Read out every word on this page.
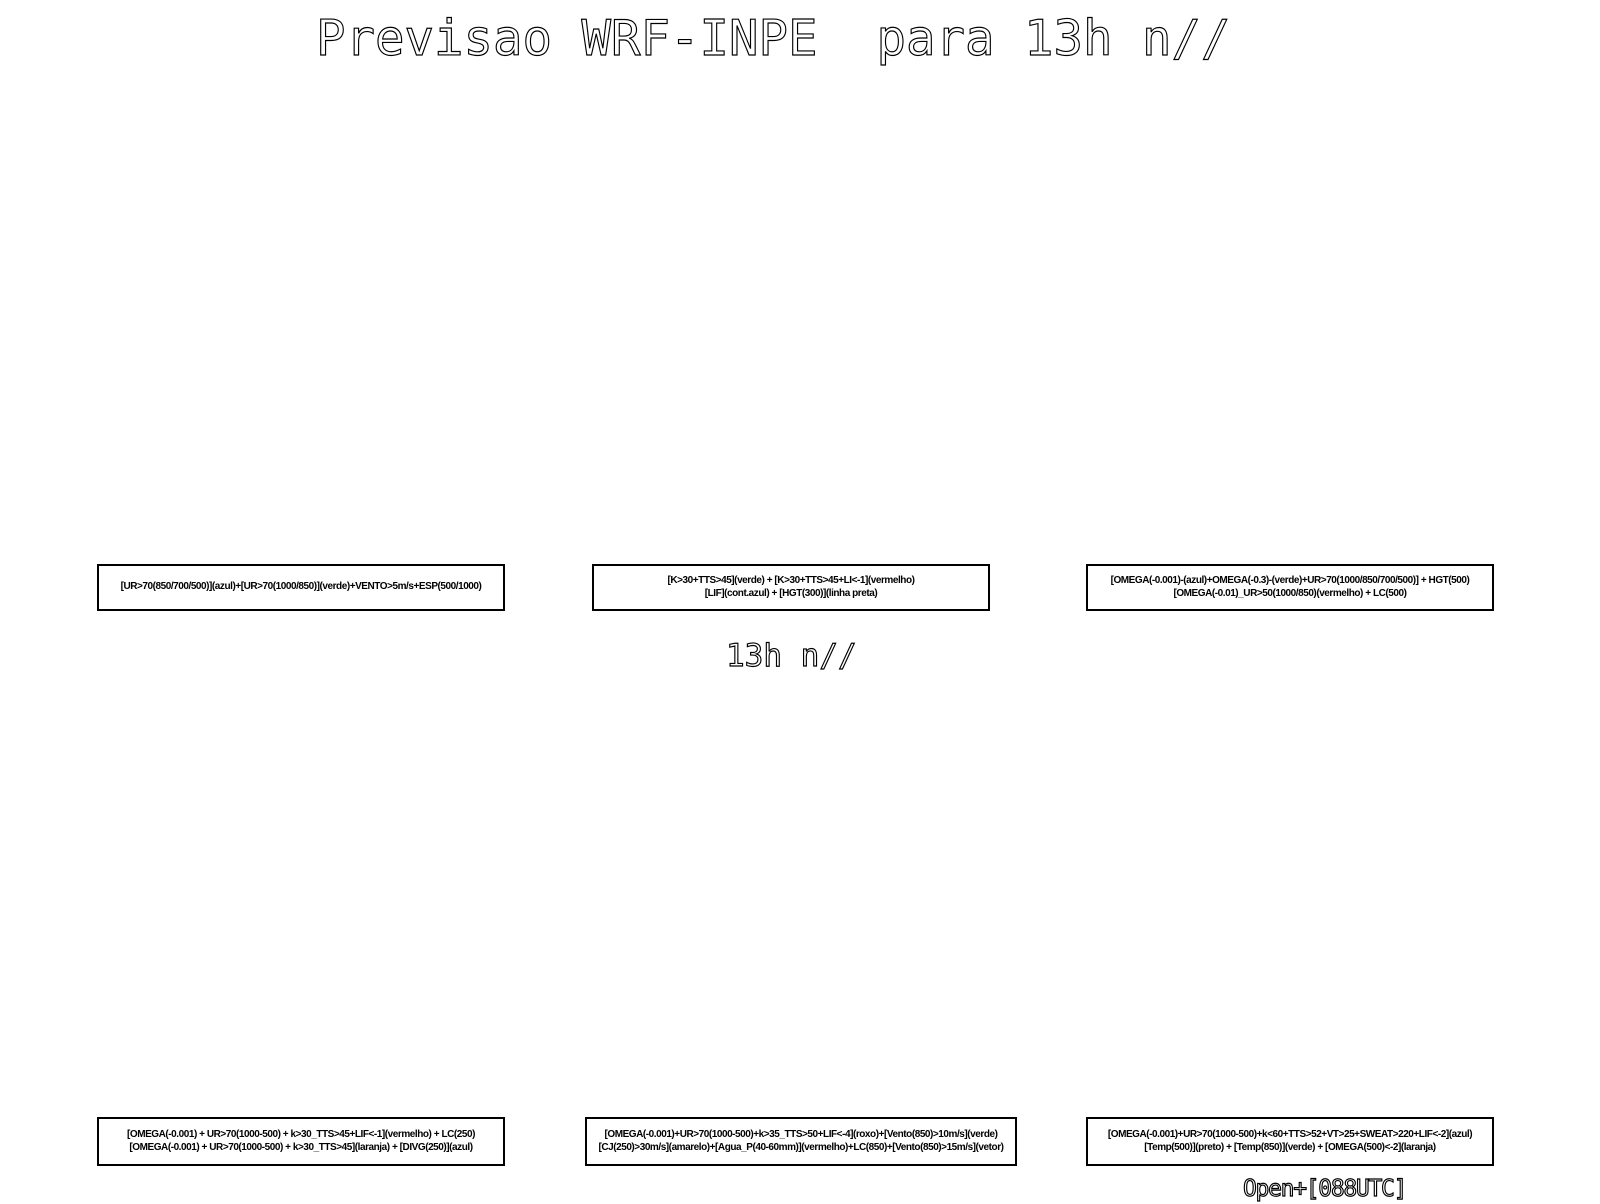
Previsao WRF-INPE  para 13h n//
[UR>70(850/700/500)](azul)+[UR>70(1000/850)](verde)+VENTO>5m/s+ESP(500/1000)
[K>30+TTS>45](verde) + [K>30+TTS>45+LI<-1](vermelho)
[LIF](cont.azul) + [HGT(300)](linha preta)
[OMEGA(-0.001)-(azul)+OMEGA(-0.3)-(verde)+UR>70(1000/850/700/500)] + HGT(500)
[OMEGA(-0.01)_UR>50(1000/850)(vermelho) + LC(500)
13h n//
[OMEGA(-0.001) + UR>70(1000-500) + k>30_TTS>45+LIF<-1](vermelho) + LC(250)
[OMEGA(-0.001) + UR>70(1000-500) + k>30_TTS>45](laranja) + [DIVG(250)](azul)
[OMEGA(-0.001)+UR>70(1000-500)+k>35_TTS>50+LIF<-4](roxo)+[Vento(850)>10m/s](verde)
[CJ(250)>30m/s](amarelo)+[Agua_P(40-60mm)](vermelho)+LC(850)+[Vento(850)>15m/s](vetor)
[OMEGA(-0.001)+UR>70(1000-500)+k<60+TTS>52+VT>25+SWEAT>220+LIF<-2](azul)
[Temp(500)](preto) + [Temp(850)](verde) + [OMEGA(500)<-2](laranja)
Open+[088UTC]
